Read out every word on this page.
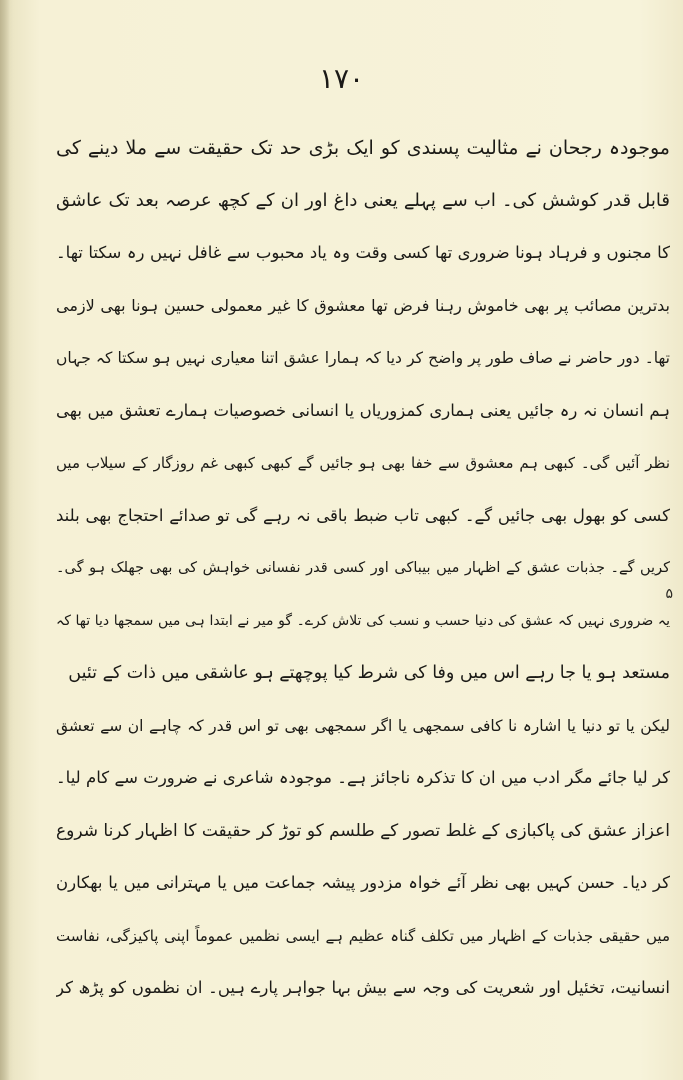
۱۷۰
۵
موجودہ رجحان نے مثالیت پسندی کو ایک بڑی حد تک حقیقت سے ملا دینے کی
قابل قدر کوشش کی۔ اب سے پہلے یعنی داغ اور ان کے کچھ عرصہ بعد تک عاشق
کا مجنوں و فرہاد ہونا ضروری تھا کسی وقت وہ یاد محبوب سے غافل نہیں رہ سکتا تھا۔
بدترین مصائب پر بھی خاموش رہنا فرض تھا معشوق کا غیر معمولی حسین ہونا بھی لازمی
تھا۔ دور حاضر نے صاف طور پر واضح کر دیا کہ ہمارا عشق اتنا معیاری نہیں ہو سکتا کہ جہاں
ہم انسان نہ رہ جائیں یعنی ہماری کمزوریاں یا انسانی خصوصیات ہمارے تعشق میں بھی
نظر آئیں گی۔ کبھی ہم معشوق سے خفا بھی ہو جائیں گے کبھی کبھی غم روزگار کے سیلاب میں
کسی کو بھول بھی جائیں گے۔ کبھی تاب ضبط باقی نہ رہے گی تو صدائے احتجاج بھی بلند
کریں گے۔ جذبات عشق کے اظہار میں بیباکی اور کسی قدر نفسانی خواہش کی بھی جھلک ہو گی۔
یہ ضروری نہیں کہ عشق کی دنیا حسب و نسب کی تلاش کرے۔ گو میر نے ابتدا ہی میں سمجھا دیا تھا کہ
مستعد ہو یا جا رہے اس میں وفا کی شرط کیا پوچھتے ہو عاشقی میں ذات کے تئیں
لیکن یا تو دنیا یا اشارہ نا کافی سمجھی یا اگر سمجھی بھی تو اس قدر کہ چاہے ان سے تعشق
کر لیا جائے مگر ادب میں ان کا تذکرہ ناجائز ہے۔ موجودہ شاعری نے ضرورت سے کام لیا۔
اعزاز عشق کی پاکبازی کے غلط تصور کے طلسم کو توڑ کر حقیقت کا اظہار کرنا شروع
کر دیا۔ حسن کہیں بھی نظر آئے خواہ مزدور پیشہ جماعت میں یا مہترانی میں یا بھکارن
میں حقیقی جذبات کے اظہار میں تکلف گناہ عظیم ہے ایسی نظمیں عموماً اپنی پاکیزگی، نفاست
انسانیت، تخئیل اور شعریت کی وجہ سے بیش بہا جواہر پارے ہیں۔ ان نظموں کو پڑھ کر
